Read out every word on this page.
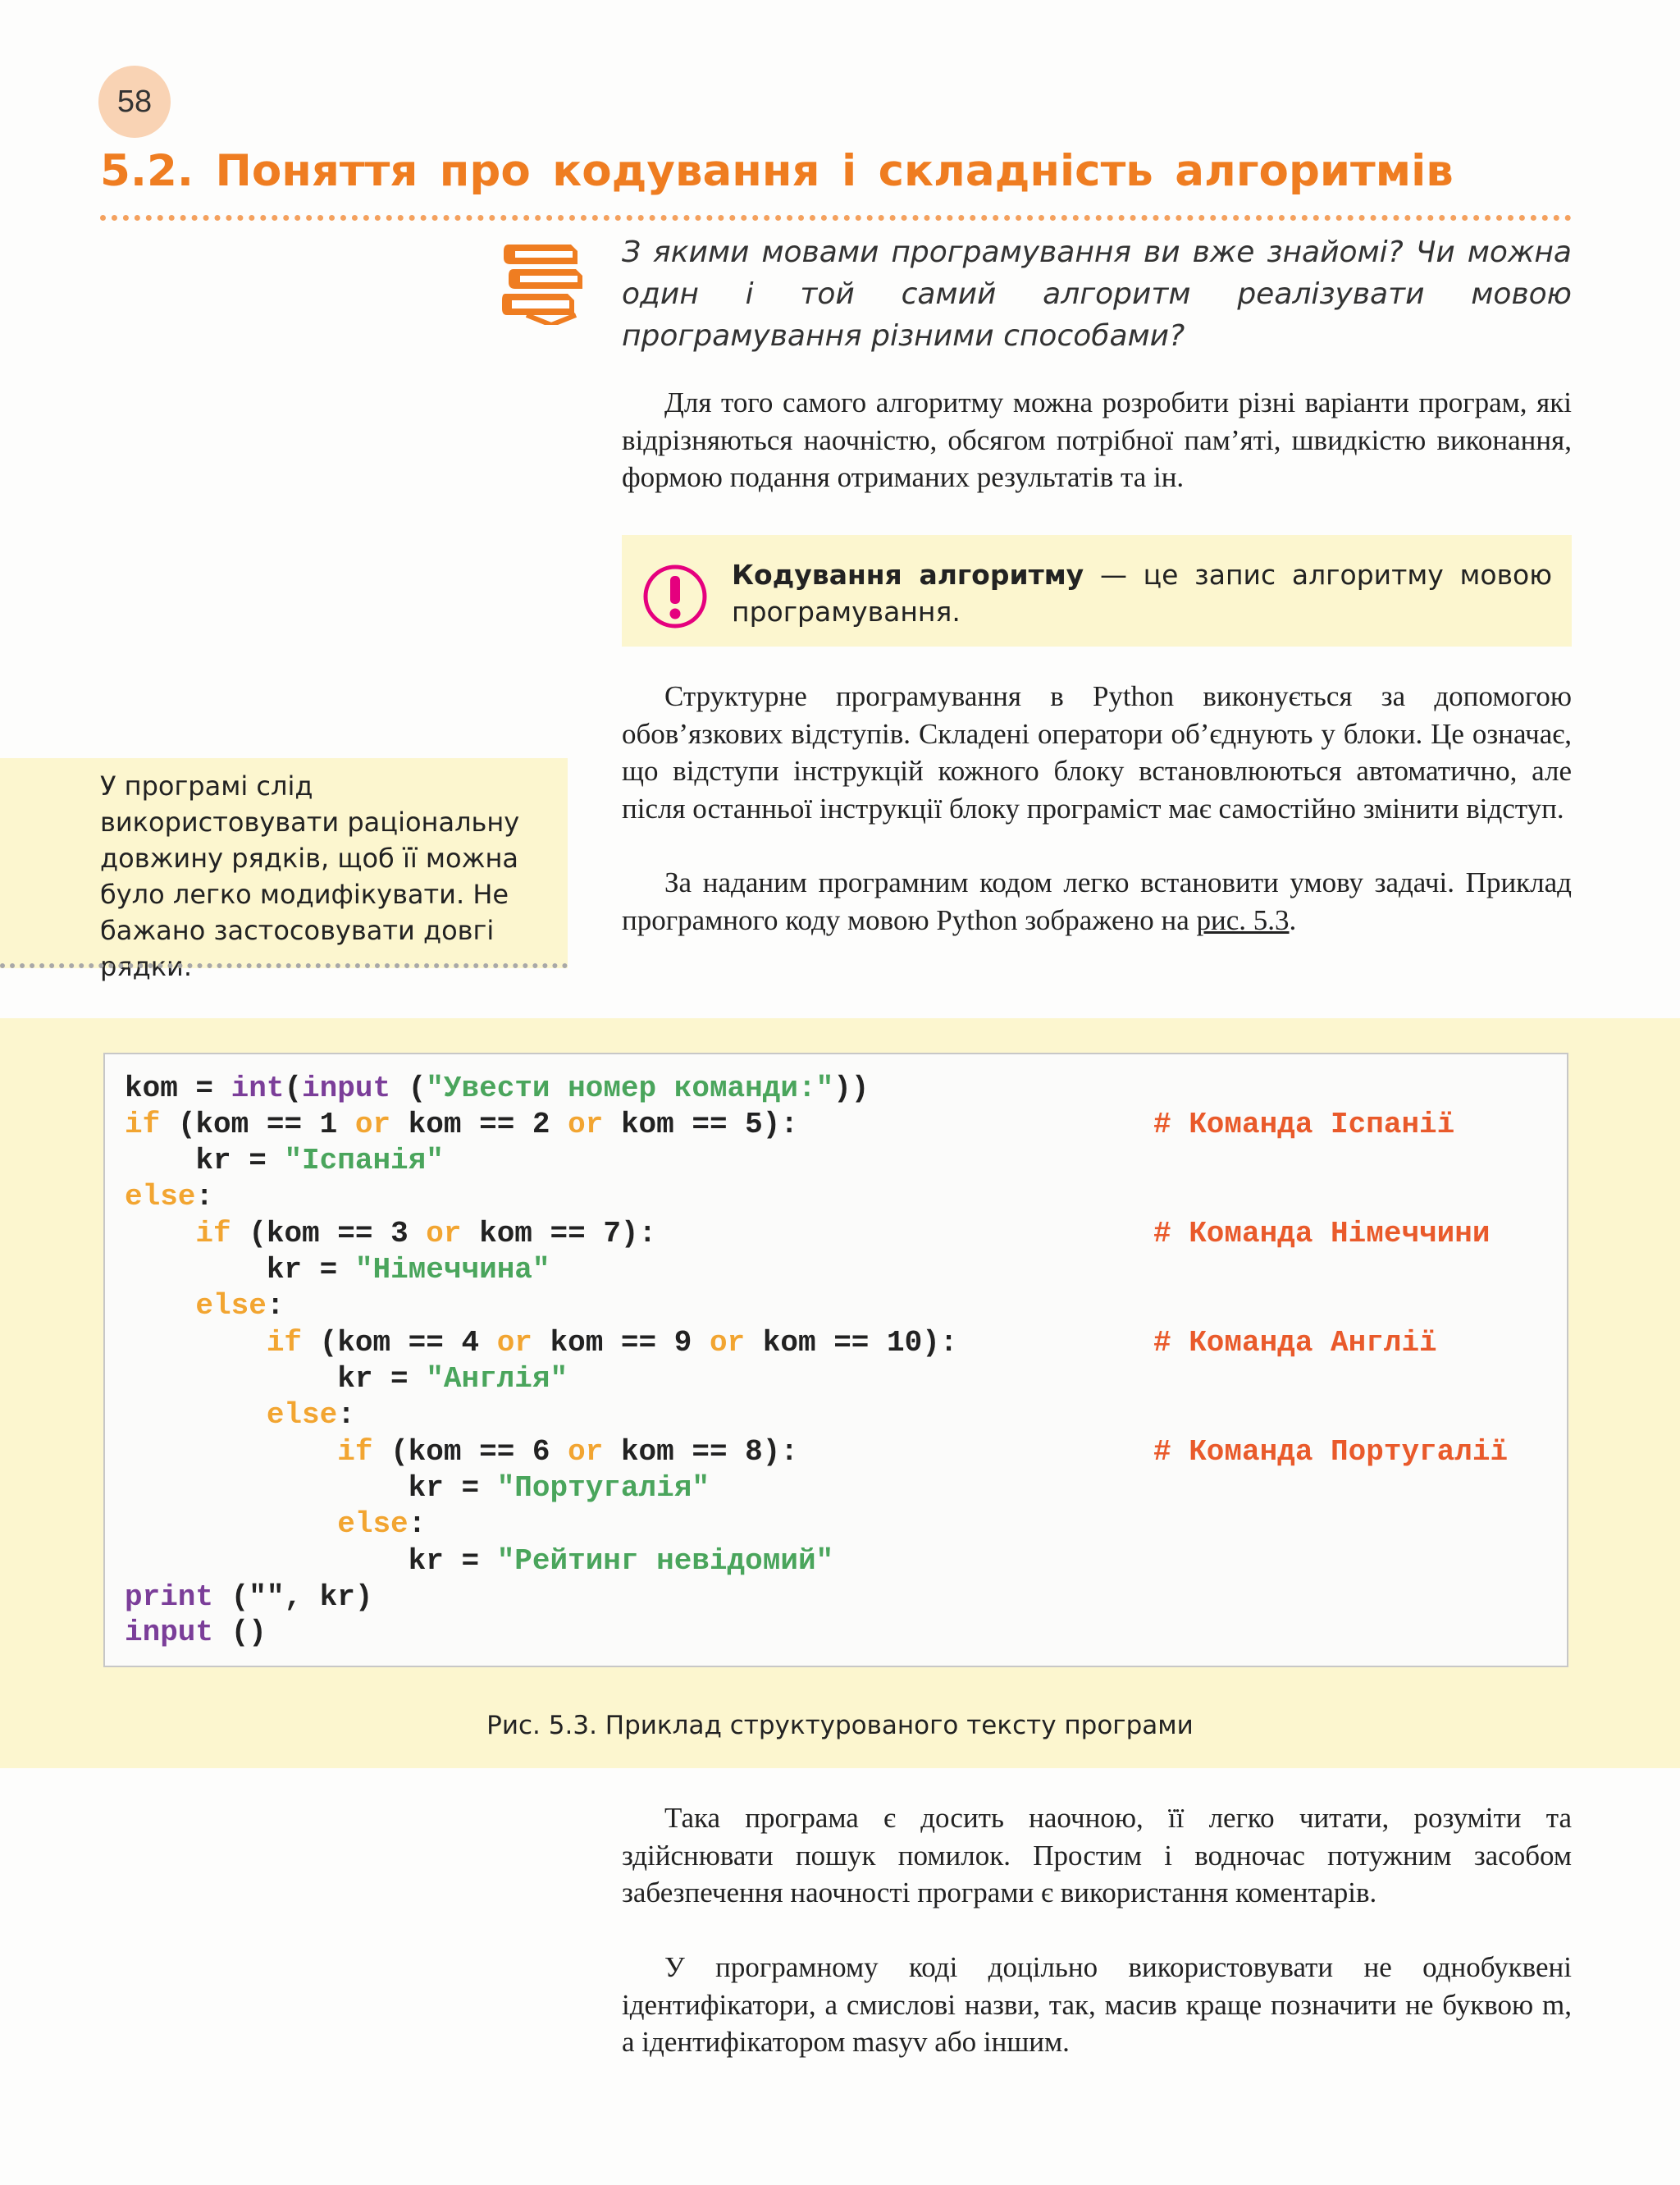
58
5.2. Поняття про кодування і складність алгоритмів
З якими мовами програмування ви вже знайомі? Чи можна один і той самий алгоритм реалізувати мовою програмування різними способами?
Для того самого алгоритму можна розробити різні варіанти програм, які відрізняються наочністю, обсягом потрібної пам’яті, швидкістю виконання, формою подання отриманих результатів та ін.
Кодування алгоритму — це запис алгоритму мовою програмування.
У програмі слід використовувати раціональну довжину рядків, щоб її можна було легко модифікувати. Не бажано застосовувати довгі рядки.
Структурне програмування в Python виконується за допомогою обов’язкових відступів. Складені оператори об’єднують у блоки. Це означає, що відступи інструкцій кожного блоку встановлюються автоматично, але після останньої інструкції блоку програміст має самостійно змінити відступ.
За наданим програмним кодом легко встановити умову задачі. Приклад програмного коду мовою Python зображено на рис. 5.3.
kom = int(input ("Увести номер команди:"))
if (kom == 1 or kom == 2 or kom == 5):
kr = "Іспанія"
else:
if (kom == 3 or kom == 7):
kr = "Німеччина"
else:
if (kom == 4 or kom == 9 or kom == 10):
kr = "Англія"
else:
if (kom == 6 or kom == 8):
kr = "Португалія"
else:
kr = "Рейтинг невідомий"
print ("", kr)
input ()
# Команда Іспанії
# Команда Німеччини
# Команда Англії
# Команда Португалії
Рис. 5.3. Приклад структурованого тексту програми
Така програма є досить наочною, її легко читати, розуміти та здійснювати пошук помилок. Простим і водночас потужним засобом забезпечення наочності програми є використання коментарів.
У програмному коді доцільно використовувати не однобуквені ідентифікатори, а смислові назви, так, масив краще позначити не буквою m, а ідентифікатором masyv або іншим.
